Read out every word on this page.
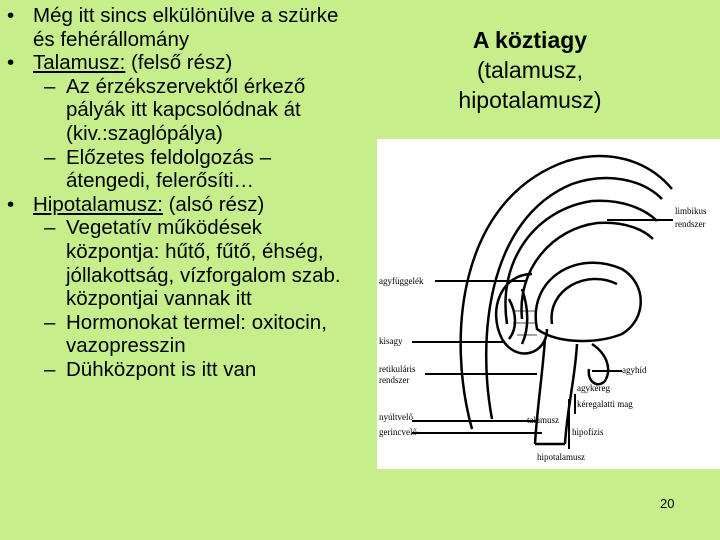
• Még itt sincs elkülönülve a szürke és fehérállomány
• Talamusz: (felső rész)
– Az érzékszervektől érkező pályák itt kapcsolódnak át (kiv.:szaglópálya)
– Előzetes feldolgozás – átengedi, felerősíti…
• Hipotalamusz: (alsó rész)
– Vegetatív működések központja: hűtő, fűtő, éhség, jóllakottság, vízforgalom szab. központjai vannak itt
– Hormonokat termel: oxitocin, vazopresszin
– Dühközpont is itt van
A köztiagy
(talamusz,
hipotalamusz)
limbikus
rendszer
agyfüggelék
kisagy
retikuláris
rendszer
agyhíd
agykéreg
kéregalatti mag
talamusz
hipofízis
nyúltvelő
gerincvelő
hipotalamusz
20
